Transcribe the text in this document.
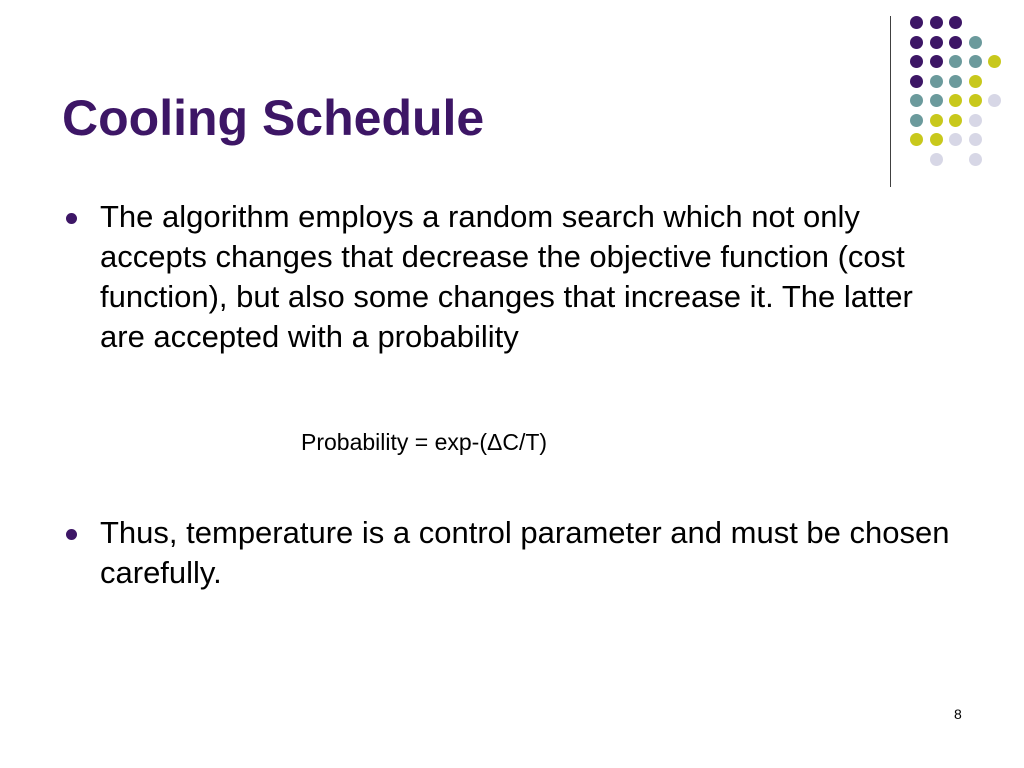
Cooling Schedule
The algorithm employs a random search which not only accepts changes that decrease the objective function (cost function), but also some changes that increase it. The latter are accepted with a probability
Thus, temperature is a control parameter and must be chosen carefully.
Probability = exp-(ΔC/T)
8
